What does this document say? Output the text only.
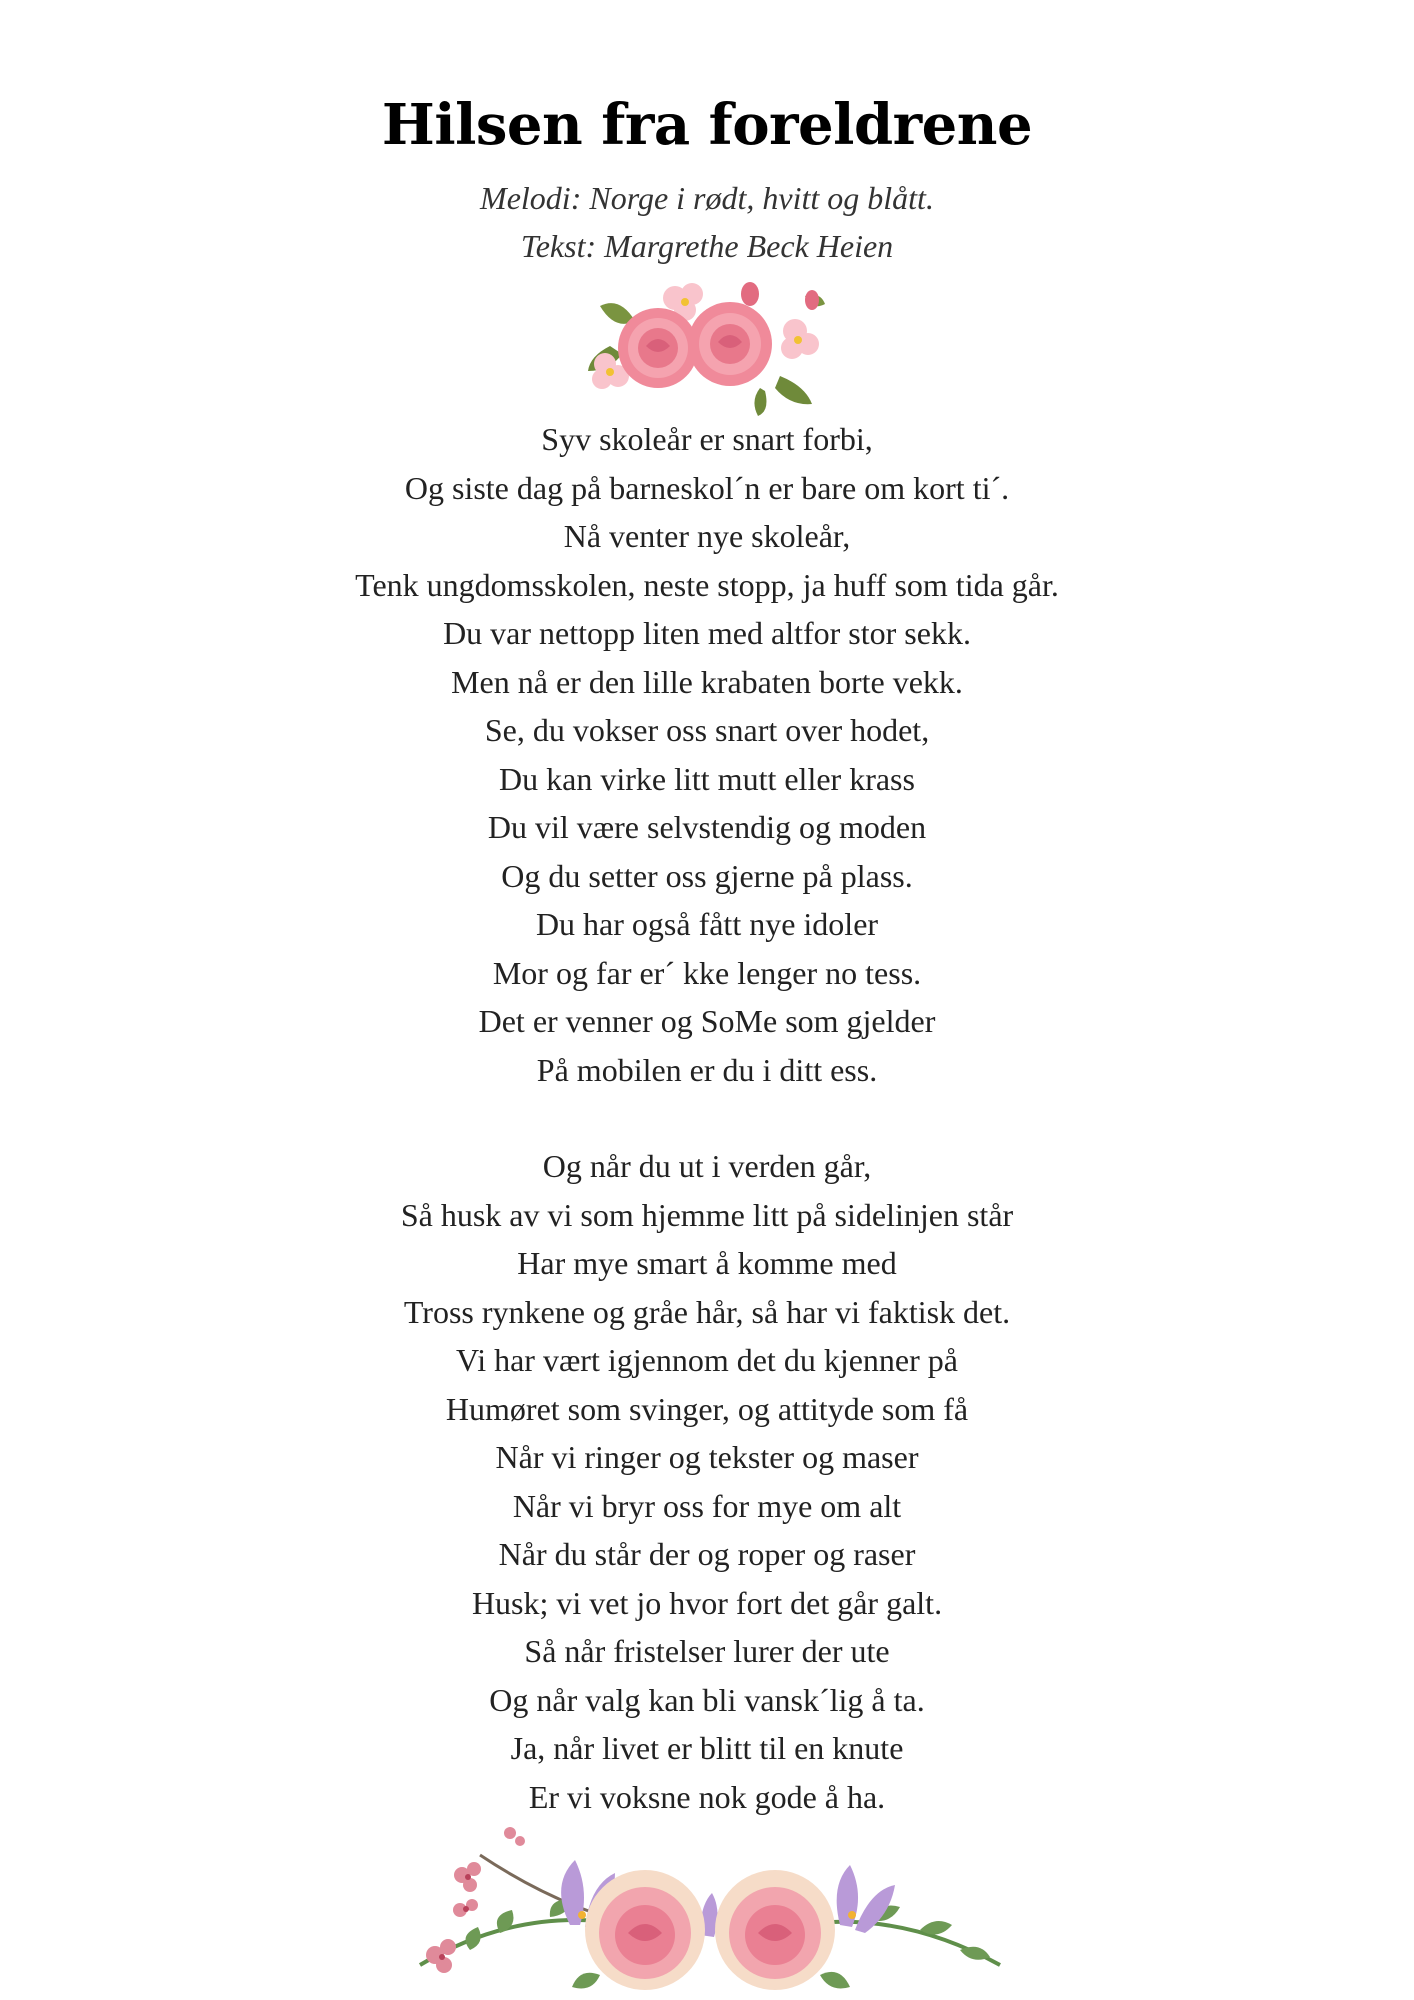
Hilsen fra foreldrene
Melodi: Norge i rødt, hvitt og blått.
Tekst: Margrethe Beck Heien
Syv skoleår er snart forbi,
Og siste dag på barneskol´n er bare om kort ti´.
Nå venter nye skoleår,
Tenk ungdomsskolen, neste stopp, ja huff som tida går.
Du var nettopp liten med altfor stor sekk.
Men nå er den lille krabaten borte vekk.
Se, du vokser oss snart over hodet,
Du kan virke litt mutt eller krass
Du vil være selvstendig og moden
Og du setter oss gjerne på plass.
Du har også fått nye idoler
Mor og far er´ kke lenger no tess.
Det er venner og SoMe som gjelder
På mobilen er du i ditt ess.
Og når du ut i verden går,
Så husk av vi som hjemme litt på sidelinjen står
Har mye smart å komme med
Tross rynkene og gråe hår, så har vi faktisk det.
Vi har vært igjennom det du kjenner på
Humøret som svinger, og attityde som få
Når vi ringer og tekster og maser
Når vi bryr oss for mye om alt
Når du står der og roper og raser
Husk; vi vet jo hvor fort det går galt.
Så når fristelser lurer der ute
Og når valg kan bli vansk´lig å ta.
Ja, når livet er blitt til en knute
Er vi voksne nok gode å ha.
